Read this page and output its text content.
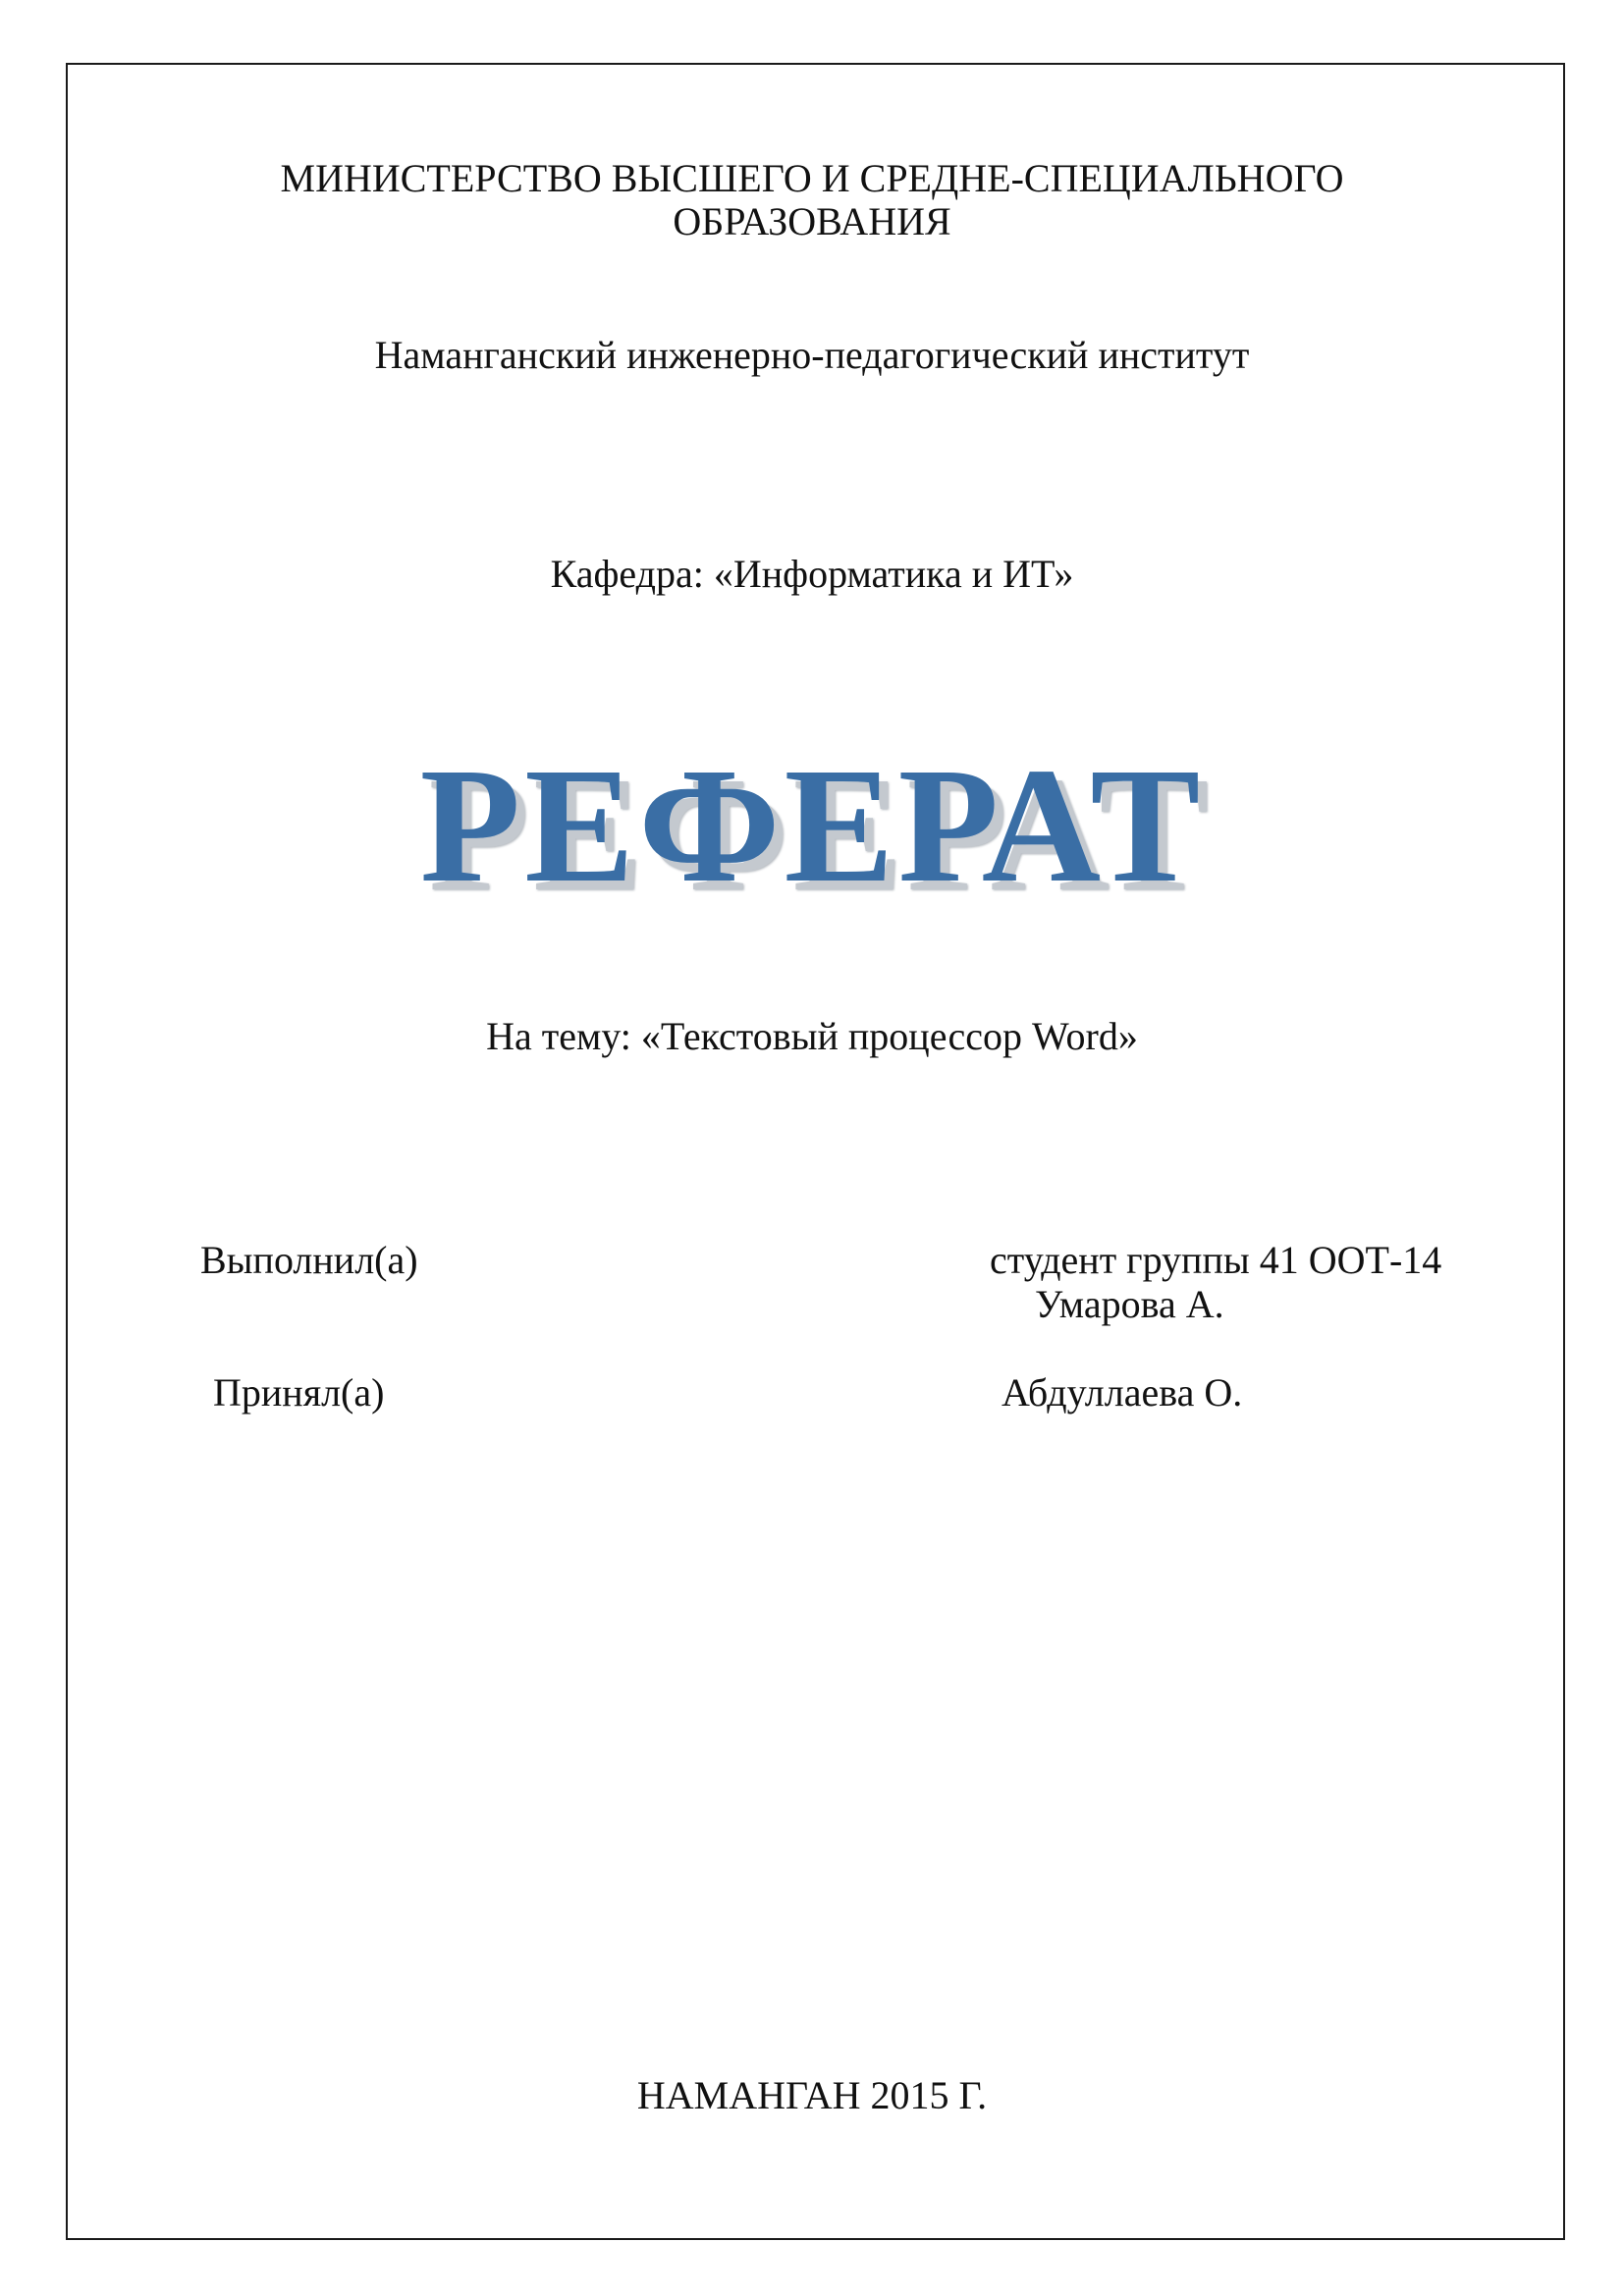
МИНИСТЕРСТВО ВЫСШЕГО И СРЕДНЕ-СПЕЦИАЛЬНОГО
ОБРАЗОВАНИЯ
Наманганский инженерно-педагогический институт
Кафедра: «Информатика и ИТ»
РЕФЕРАТ
На тему: «Текстовый процессор Word»
Выполнил(а)	студент группы 41 ООТ-14
Умарова А.
Принял(а)	Абдуллаева О.
НАМАНГАН 2015 Г.
